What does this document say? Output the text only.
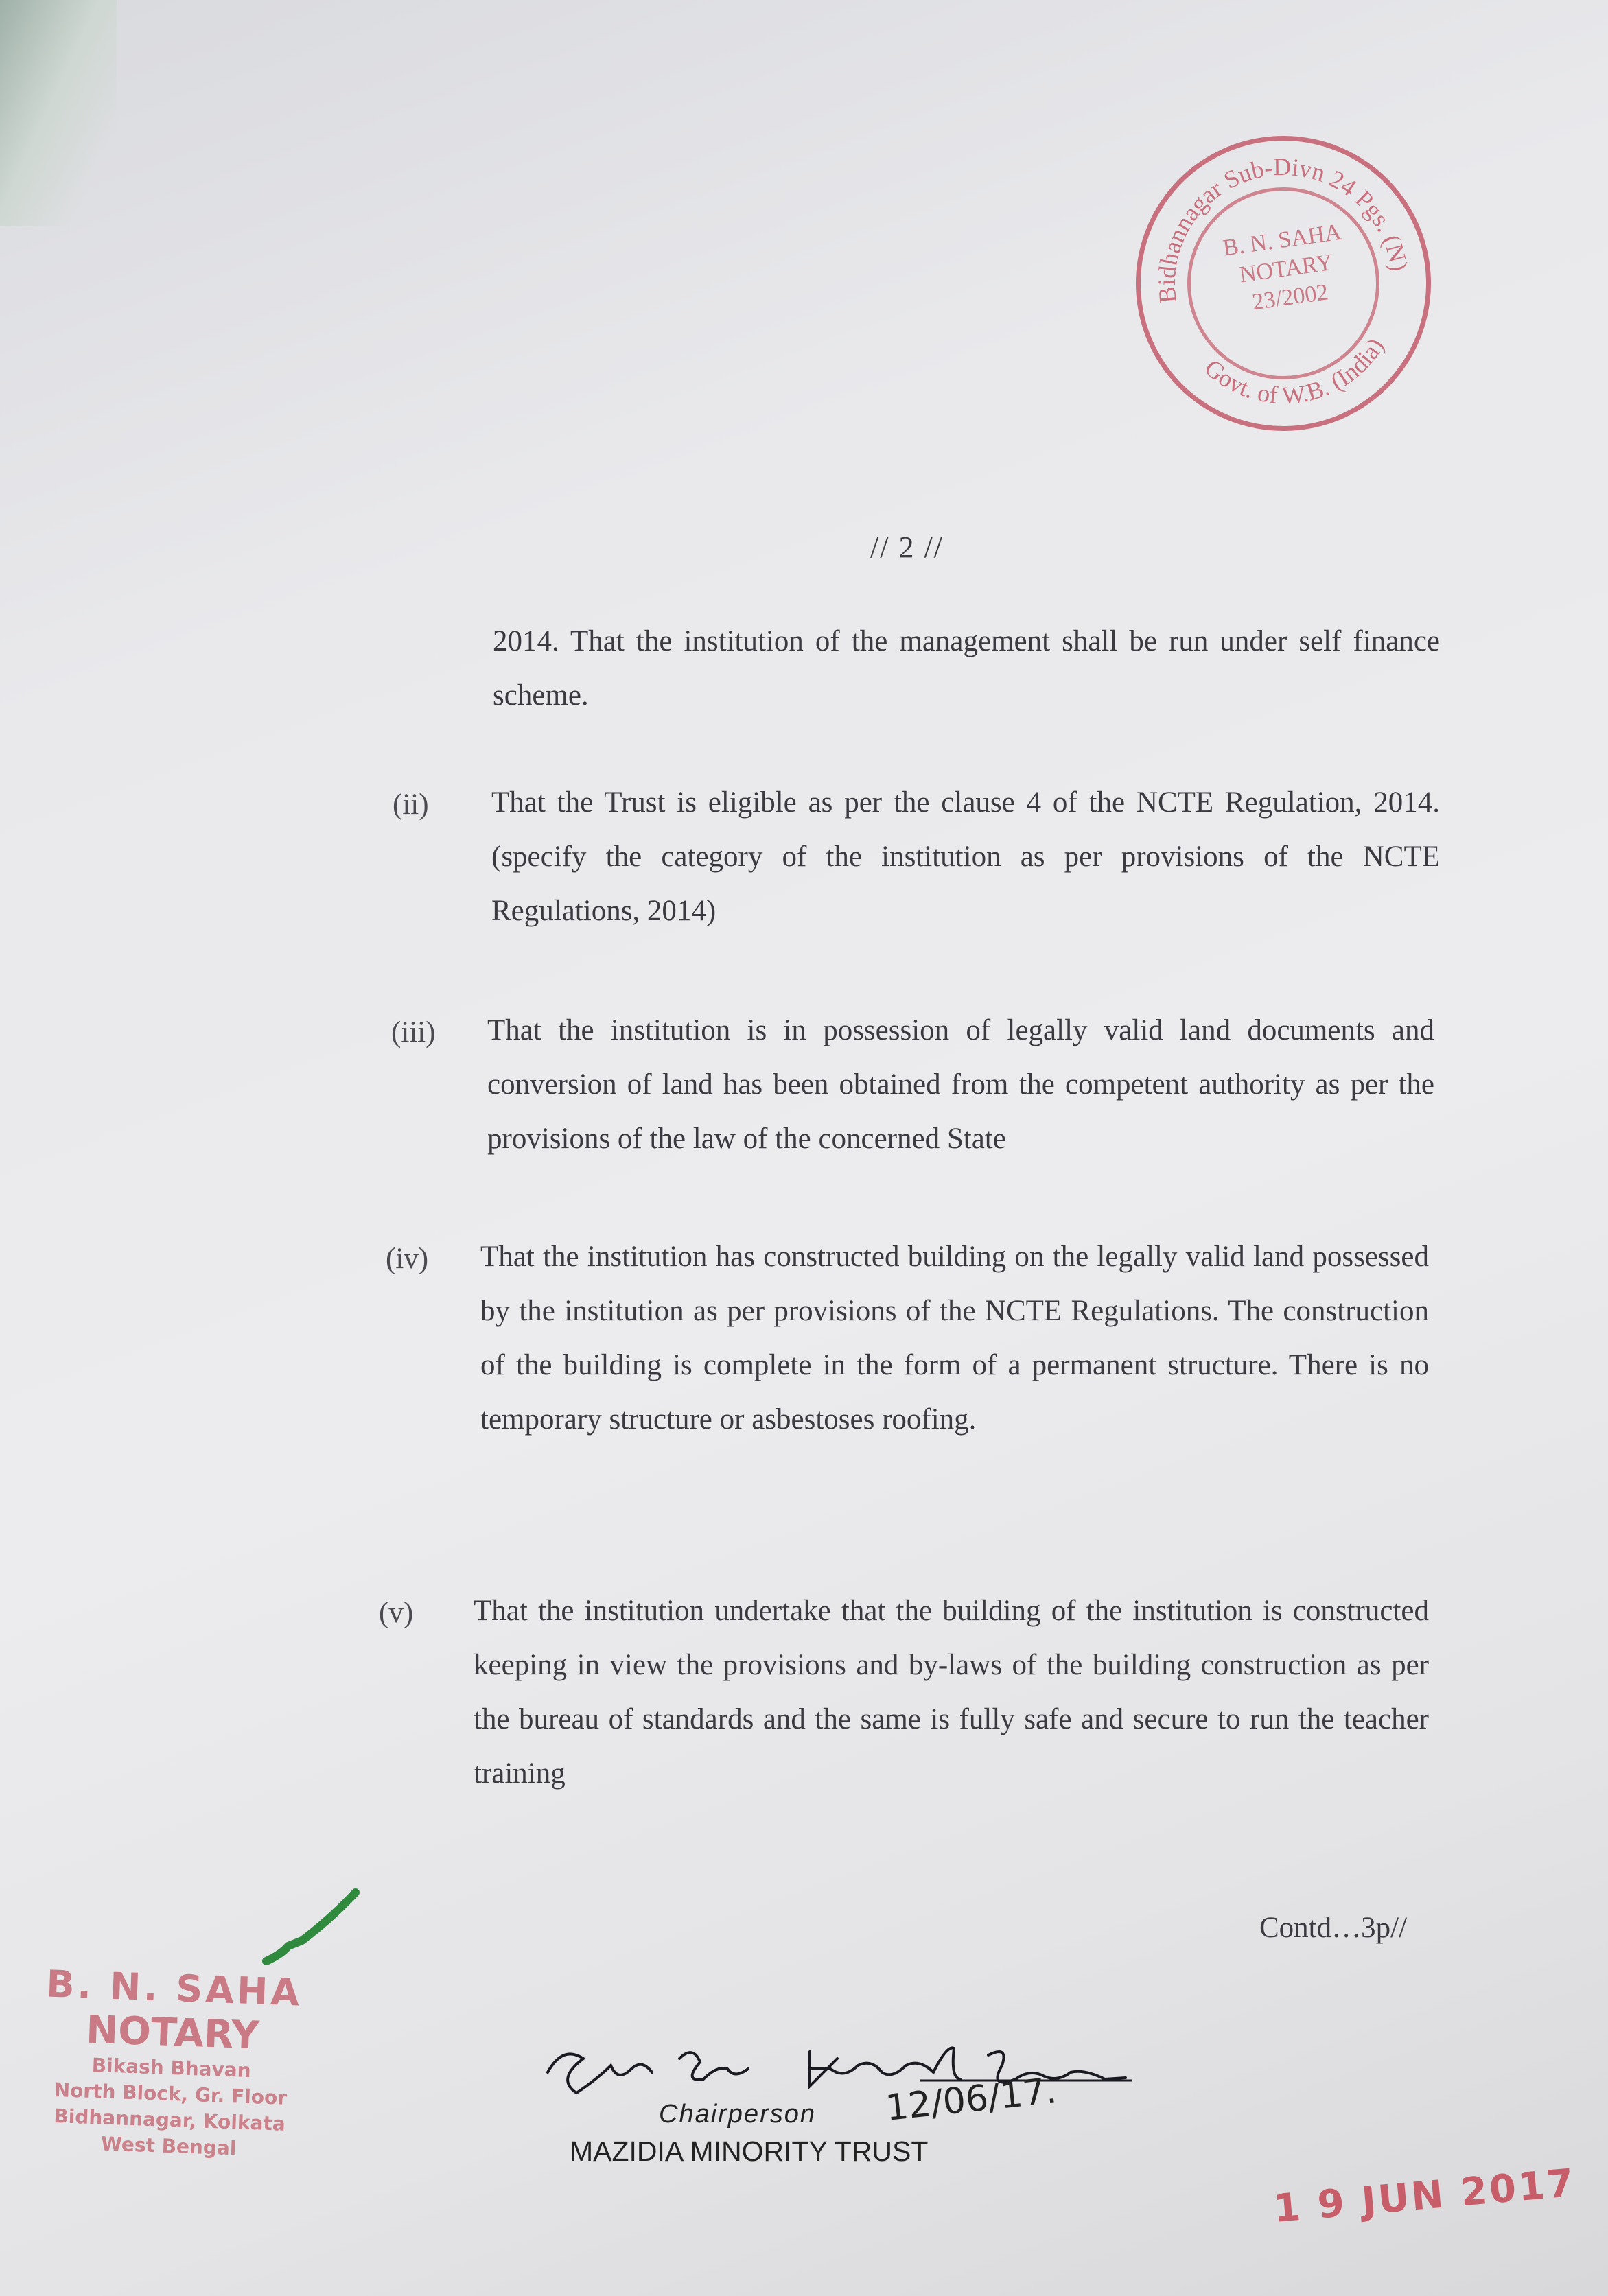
Bidhannagar Sub-Divn 24 Pgs. (N)
Govt. of W.B. (India)
B. N. SAHA
NOTARY
23/2002
// 2 //
2014. That the institution of the management shall be run under self finance scheme.
(ii) That the Trust is eligible as per the clause 4 of the NCTE Regulation, 2014. (specify the category of the institution as per provisions of the NCTE Regulations, 2014)
(iii) That the institution is in possession of legally valid land documents and conversion of land has been obtained from the competent authority as per the provisions of the law of the concerned State
(iv) That the institution has constructed building on the legally valid land possessed by the institution as per provisions of the NCTE Regulations. The construction of the building is complete in the form of a permanent structure. There is no temporary structure or asbestoses roofing.
(v) That the institution undertake that the building of the institution is constructed keeping in view the provisions and by-laws of the building construction as per the bureau of standards and the same is fully safe and secure to run the teacher training
Contd…3p//
B. N. SAHA
NOTARY
Bikash Bhavan
North Block, Gr. Floor
Bidhannagar, Kolkata
West Bengal
Chairperson 12/06/17.
MAZIDIA MINORITY TRUST
1 9 JUN 2017
